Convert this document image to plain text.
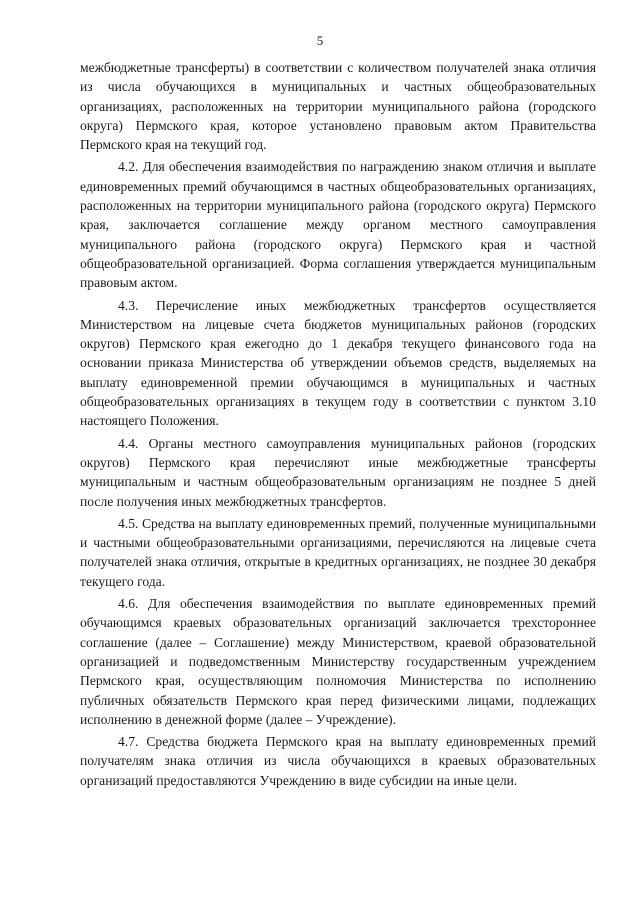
5

межбюджетные трансферты) в соответствии с количеством получателей знака отличия из числа обучающихся в муниципальных и частных общеобразовательных организациях, расположенных на территории муниципального района (городского округа) Пермского края, которое установлено правовым актом Правительства Пермского края на текущий год.

4.2. Для обеспечения взаимодействия по награждению знаком отличия и выплате единовременных премий обучающимся в частных общеобразовательных организациях, расположенных на территории муниципального района (городского округа) Пермского края, заключается соглашение между органом местного самоуправления муниципального района (городского округа) Пермского края и частной общеобразовательной организацией. Форма соглашения утверждается муниципальным правовым актом.

4.3. Перечисление иных межбюджетных трансфертов осуществляется Министерством на лицевые счета бюджетов муниципальных районов (городских округов) Пермского края ежегодно до 1 декабря текущего финансового года на основании приказа Министерства об утверждении объемов средств, выделяемых на выплату единовременной премии обучающимся в муниципальных и частных общеобразовательных организациях в текущем году в соответствии с пунктом 3.10 настоящего Положения.

4.4. Органы местного самоуправления муниципальных районов (городских округов) Пермского края перечисляют иные межбюджетные трансферты муниципальным и частным общеобразовательным организациям не позднее 5 дней после получения иных межбюджетных трансфертов.

4.5. Средства на выплату единовременных премий, полученные муниципальными и частными общеобразовательными организациями, перечисляются на лицевые счета получателей знака отличия, открытые в кредитных организациях, не позднее 30 декабря текущего года.

4.6. Для обеспечения взаимодействия по выплате единовременных премий обучающимся краевых образовательных организаций заключается трехстороннее соглашение (далее – Соглашение) между Министерством, краевой образовательной организацией и подведомственным Министерству государственным учреждением Пермского края, осуществляющим полномочия Министерства по исполнению публичных обязательств Пермского края перед физическими лицами, подлежащих исполнению в денежной форме (далее – Учреждение).

4.7. Средства бюджета Пермского края на выплату единовременных премий получателям знака отличия из числа обучающихся в краевых образовательных организаций предоставляются Учреждению в виде субсидии на иные цели.
